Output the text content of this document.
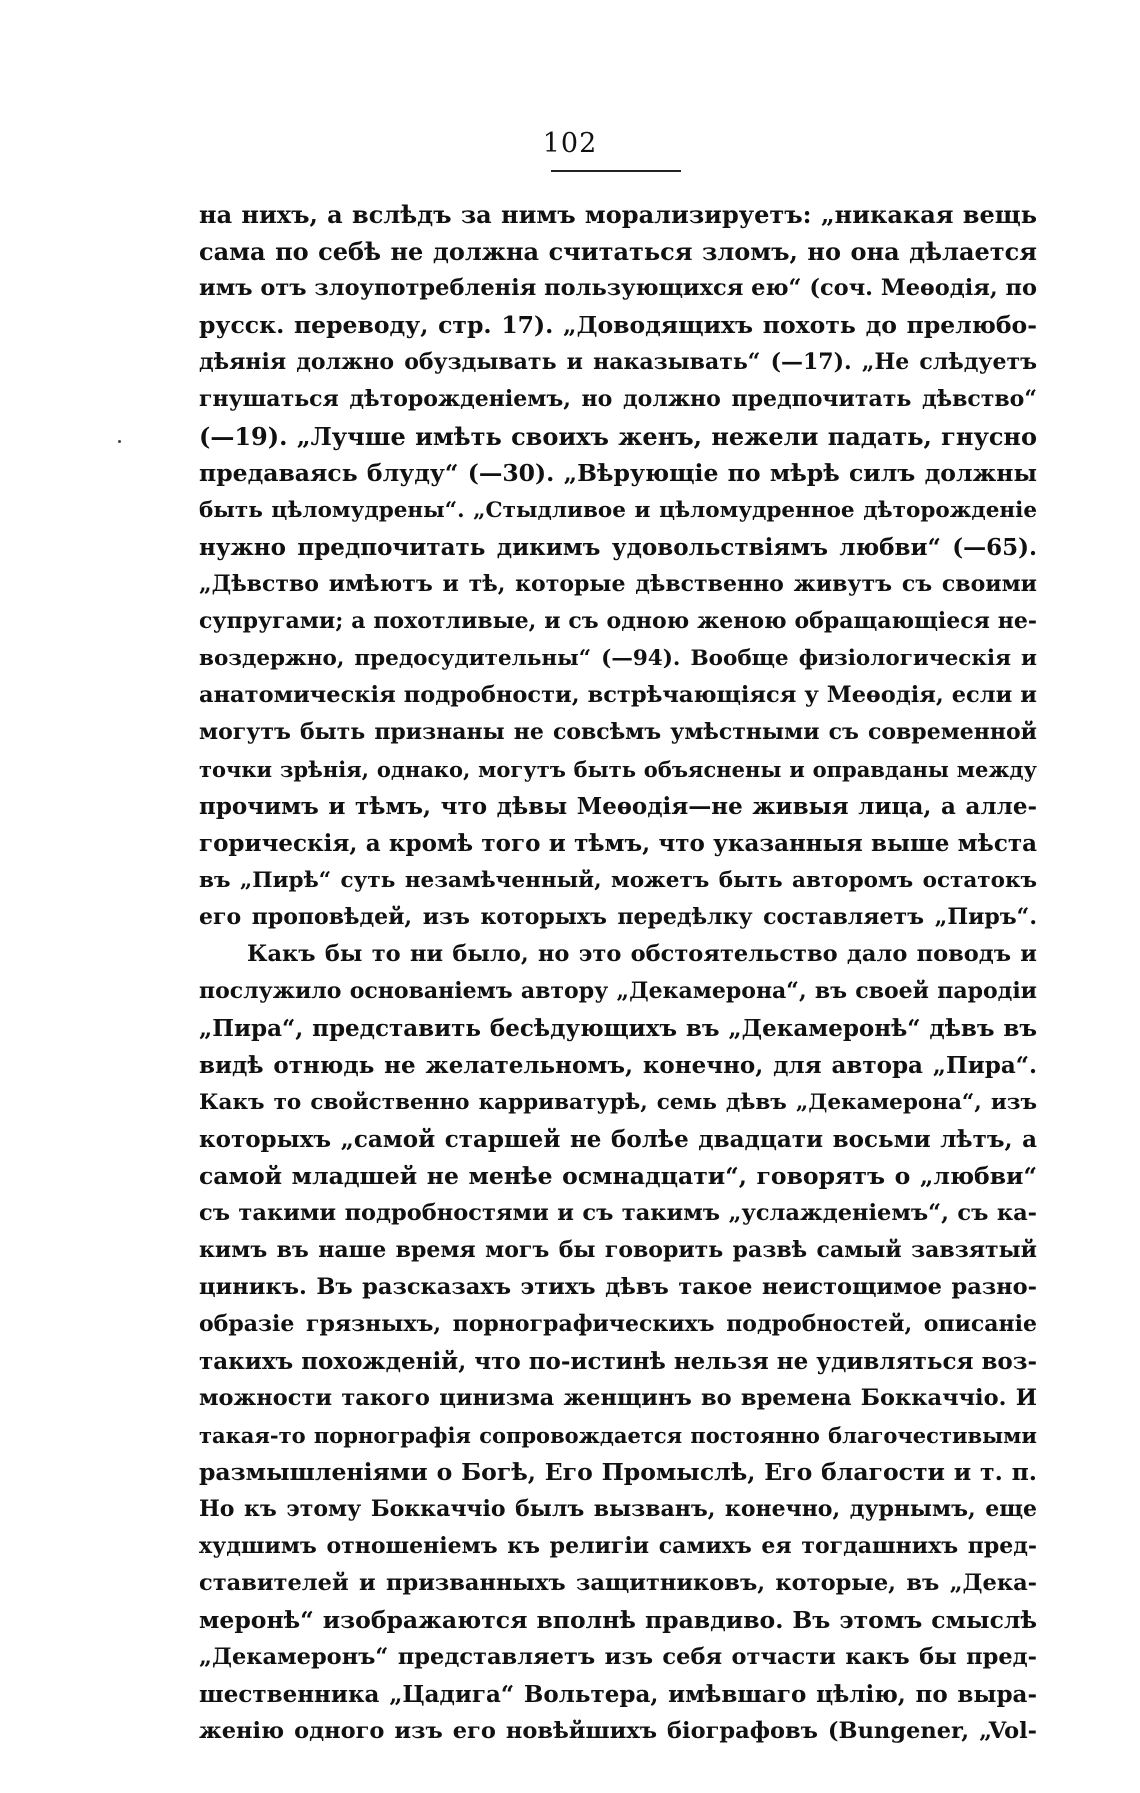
102
на нихъ, а вслѣдъ за нимъ морализируетъ: „никакая вещь
сама по себѣ не должна считаться зломъ, но она дѣлается
имъ отъ злоупотребленія пользующихся ею“ (соч. Меѳодія, по
русск. переводу, стр. 17). „Доводящихъ похоть до прелюбо-
дѣянія должно обуздывать и наказывать“ (—17). „Не слѣдуетъ
гнушаться дѣторожденіемъ, но должно предпочитать дѣвство“
(—19). „Лучше имѣть своихъ женъ, нежели падать, гнусно
предаваясь блуду“ (—30). „Вѣрующіе по мѣрѣ силъ должны
быть цѣломудрены“. „Стыдливое и цѣломудренное дѣторожденіе
нужно предпочитать дикимъ удовольствіямъ любви“ (—65).
„Дѣвство имѣютъ и тѣ, которые дѣвственно живутъ съ своими
супругами; а похотливые, и съ одною женою обращающіеся не-
воздержно, предосудительны“ (—94). Вообще физіологическія и
анатомическія подробности, встрѣчающіяся у Меѳодія, если и
могутъ быть признаны не совсѣмъ умѣстными съ современной
точки зрѣнія, однако, могутъ быть объяснены и оправданы между
прочимъ и тѣмъ, что дѣвы Меѳодія—не живыя лица, а алле-
горическія, а кромѣ того и тѣмъ, что указанныя выше мѣста
въ „Пирѣ“ суть незамѣченный, можетъ быть авторомъ остатокъ
его проповѣдей, изъ которыхъ передѣлку составляетъ „Пиръ“.
Какъ бы то ни было, но это обстоятельство дало поводъ и
послужило основаніемъ автору „Декамерона“, въ своей пародіи
„Пира“, представить бесѣдующихъ въ „Декамеронѣ“ дѣвъ въ
видѣ отнюдь не желательномъ, конечно, для автора „Пира“.
Какъ то свойственно карриватурѣ, семь дѣвъ „Декамерона“, изъ
которыхъ „самой старшей не болѣе двадцати восьми лѣтъ, а
самой младшей не менѣе осмнадцати“, говорятъ о „любви“
съ такими подробностями и съ такимъ „услажденіемъ“, съ ка-
кимъ въ наше время могъ бы говорить развѣ самый завзятый
циникъ. Въ разсказахъ этихъ дѣвъ такое неистощимое разно-
образіе грязныхъ, порнографическихъ подробностей, описаніе
такихъ похожденій, что по-истинѣ нельзя не удивляться воз-
можности такого цинизма женщинъ во времена Боккаччіо. И
такая-то порнографія сопровождается постоянно благочестивыми
размышленіями о Богѣ, Его Промыслѣ, Его благости и т. п.
Но къ этому Боккаччіо былъ вызванъ, конечно, дурнымъ, еще
худшимъ отношеніемъ къ религіи самихъ ея тогдашнихъ пред-
ставителей и призванныхъ защитниковъ, которые, въ „Дека-
меронѣ“ изображаются вполнѣ правдиво. Въ этомъ смыслѣ
„Декамеронъ“ представляетъ изъ себя отчасти какъ бы пред-
шественника „Цадига“ Вольтера, имѣвшаго цѣлію, по выра-
женію одного изъ его новѣйшихъ біографовъ (Bungener, „Vol-
